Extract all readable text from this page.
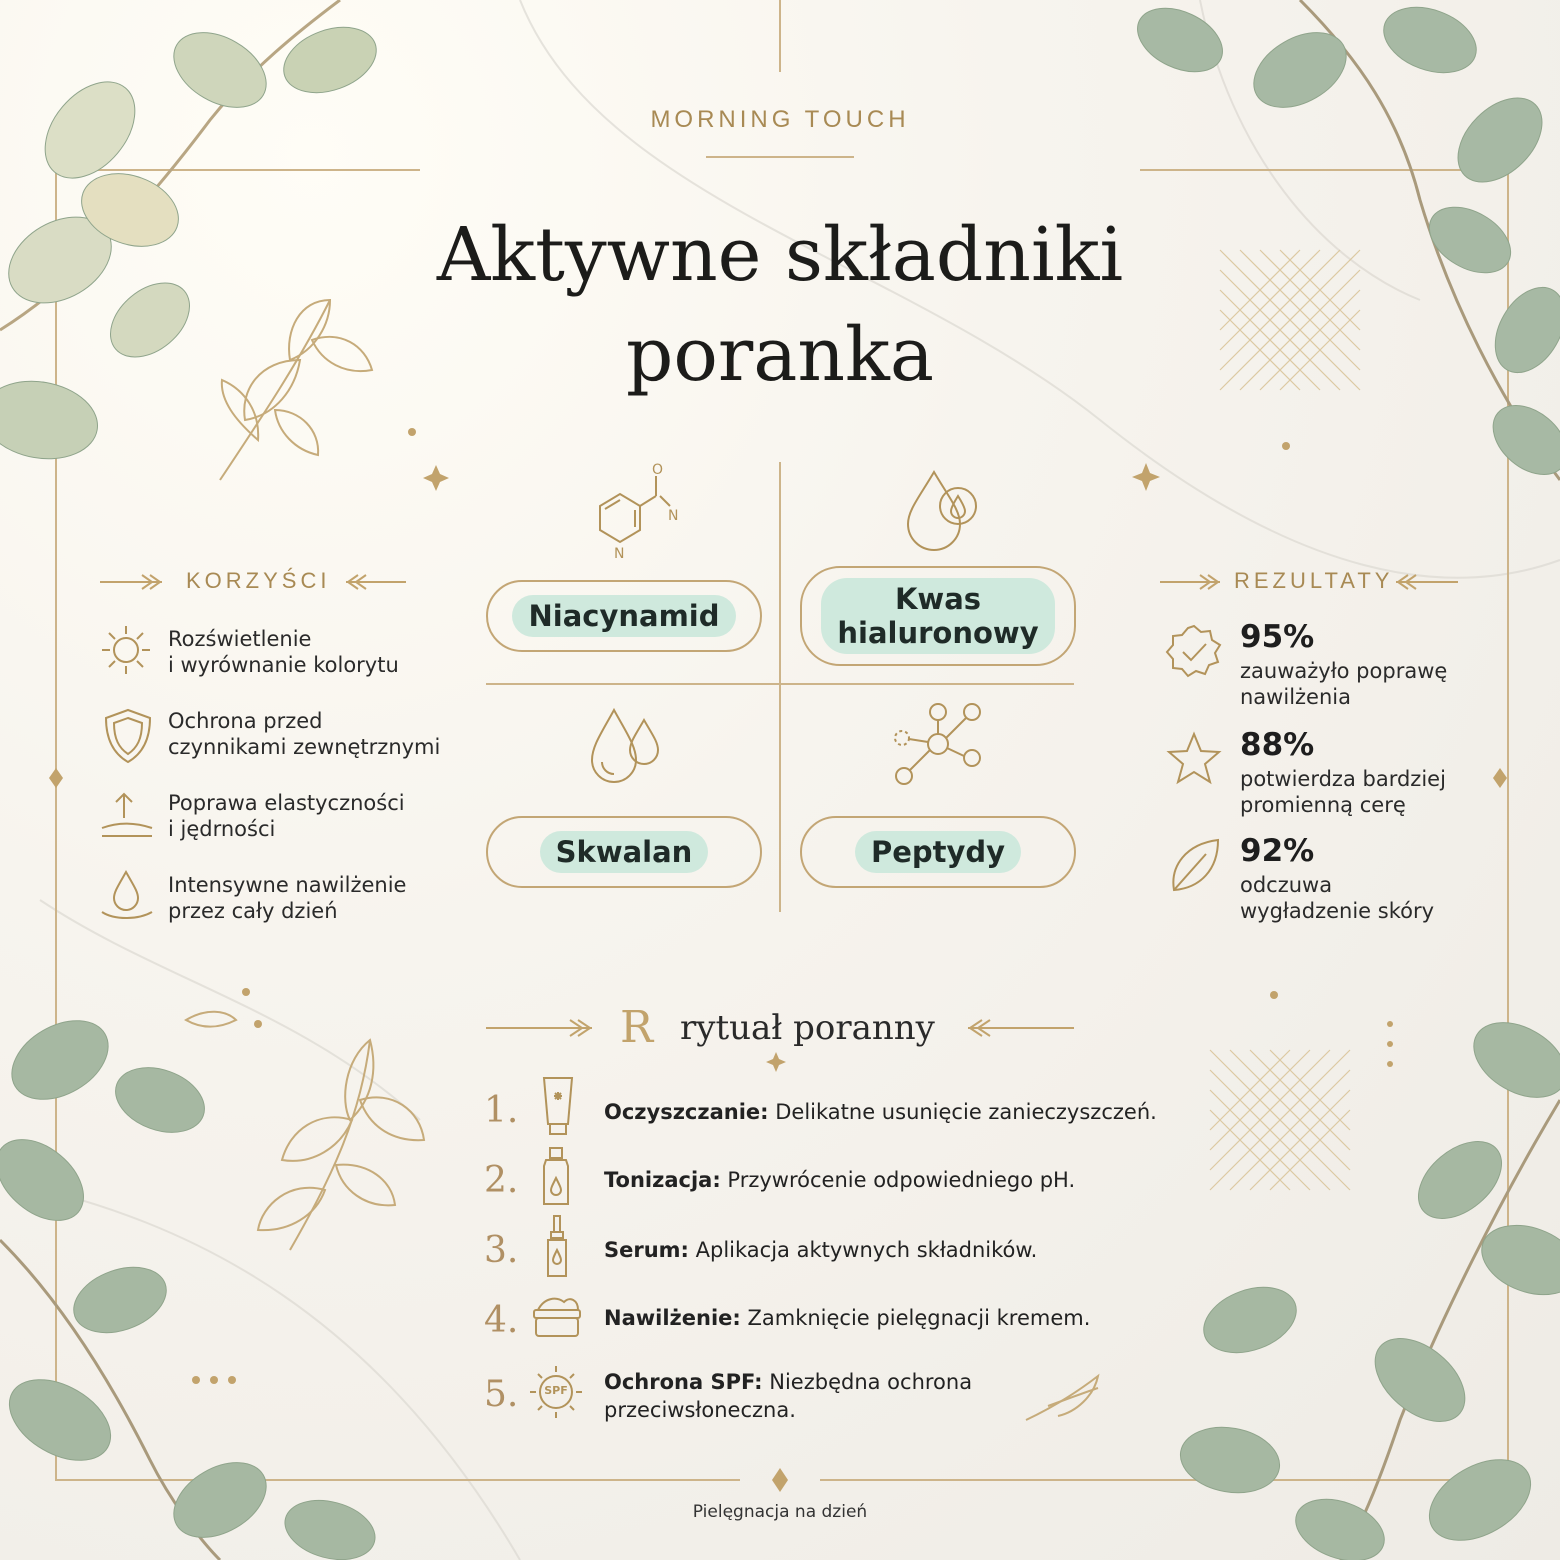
MORNING TOUCH
Aktywne składniki
poranka
KORZYŚCI
Rozświetlenie
i wyrównanie kolorytu
Ochrona przed
czynnikami zewnętrznymi
Poprawa elastyczności
i jędrności
Intensywne nawilżenie
przez cały dzień
O
N
N
Niacynamid	Kwas
hialuronowy
Skwalan	Peptydy
REZULTATY
95%
zauważyło poprawę
nawilżenia
88%
potwierdza bardziej
promienną cerę
92%
odczuwa
wygładzenie skóry
R rytuał poranny
1.	Oczyszczanie: Delikatne usunięcie zanieczyszczeń.
2.	Tonizacja: Przywrócenie odpowiedniego pH.
3.	Serum: Aplikacja aktywnych składników.
4.	Nawilżenie: Zamknięcie pielęgnacji kremem.
5.	SPF	Ochrona SPF: Niezbędna ochrona
przeciwsłoneczna.
Pielęgnacja na dzień
